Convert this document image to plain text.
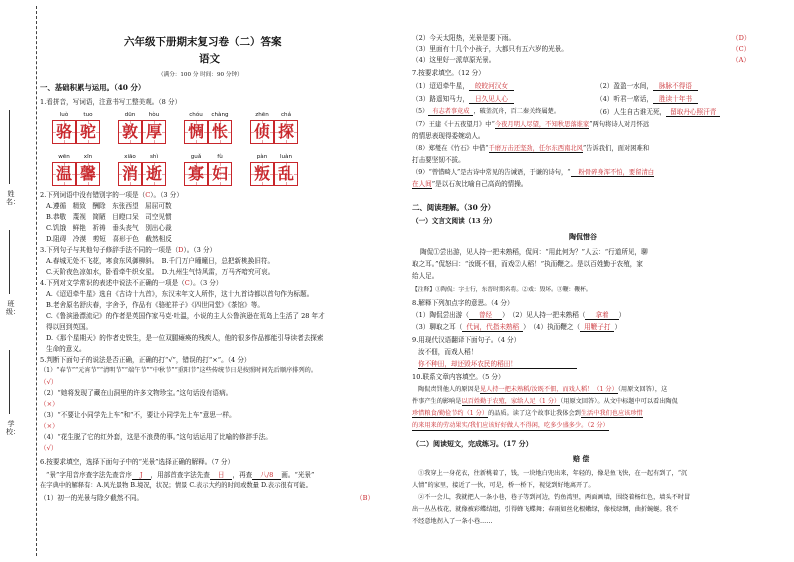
姓名：
班级：
学校：
六年级下册期末复习卷（二）答案
语文
（满分：100 分 时间：90 分钟）
一、基础积累与运用。（40 分）
1.看拼音，写词语，注意书写工整美观。（8 分）
luò
骆
tuo
驼
dūn
敦
hòu
厚
chóu
惆
chàng
怅
zhēn
侦
chá
探
wēn
温
xīn
馨
xiāo
消
shì
逝
guǎ
寡
fù
妇
pàn
叛
luàn
乱
2.下列词语中没有错别字的一项是（C）。（3 分）
A.遵循　精致　酬除　东张西望　屈屈可数
B.恭敬　蔑视　简陋　目瞪口呆　司空见惯
C.饥饿　鲜艳　祈祷　垂头丧气　别出心裁
D.阻碍　冷漠　剪短　喜形于色　截然相反
3.下列句子与其他句子修辞手法不同的一项是（D）。（3 分）
A.春城无处不飞花，寒食东风御柳斜。　B.千门万户曈曈日，总把新桃换旧符。
C.天阶夜色凉如水，卧看牵牛织女星。　D.九州生气恃风雷，万马齐喑究可哀。
4.下列对文学常识的表述中说法不正确的一项是（C）。（3 分）
A.《迢迢牵牛星》选自《古诗十九首》，东汉末年文人所作，这十九首诗都以首句作为标题。
B.老舍原名舒庆春，字舍予，作品有《骆驼祥子》《四世同堂》《茶馆》等。
C.《鲁滨逊漂流记》的作者是英国作家马克·吐温，小说的主人公鲁滨逊在荒岛上生活了 28 年才
得以回到英国。
D.《那个星期天》的作者史铁生，是一位双腿瘫痪的残疾人，他的很多作品都能引导读者去探索
生命的意义。
5.判断下面句子的说法是否正确，正确的打“√”，错误的打“×”。（4 分）
（1）“春节”“元宵节”“清明节”“端午节”“中秋节”“重阳节”这些传统节日是按照时间先后顺序排列的。
（√）
（2）“她将发现了藏在山洞里的许多文物珍宝。”这句话没有语病。
（×）
（3）“不要让小同学先上车”和“不，要让小同学先上车”意思一样。
（×）
（4）“花生脱了它的红外套，这是不浪费的事。”这句话运用了比喻的修辞手法。
（√）
6.按要求填空，选择下面句子中的“光景”选择正确的解释。（7 分）
“景”字用音序查字法先查音序 J ，用部首查字法先查 日 ，再查 八/8 画。“光景”
在字典中的解释有：A.风光景物 B.境况，状况；情景 C.表示大约的时间或数量 D.表示很有可能。
（1）初一的光景与除夕截然不同。	（B）
（2）今天太阳热，光景是要下雨。	（D）
（3）里面有十几个小孩子，大都只有五六岁的光景。	（C）
（4）这里好一派草原光景。	（A）
7.按要求填空。（12 分）
（1）迢迢牵牛星， 皎皎河汉女	（2）盈盈一水间， 脉脉不得语
（3）路遥知马力， 日久见人心	（4）听君一席话， 胜读十年书
（5） 有志者事竟成 ，破釜沉舟，百二秦关终属楚。	（6）人生自古谁无死， 留取丹心照汗青
（7）王建《十五夜望月》中“今夜月明人尽望，不知秋思落谁家”两句将诗人对月怀远
的情思表现得委婉动人。
（8）郑燮在《竹石》中借“千磨万击还坚劲，任尔东西南北风”告诉我们，面对困难和
打击要坚韧不拔。
（9）“曾惜畸人”是古诗中常见的告诫语，于谦的诗句，“ 粉骨碎身浑不怕，要留清白
在人间”是以石灰比喻自己高尚的情操。
二、阅读理解。（30 分）
（一）文言文阅读（13 分）
陶侃惜谷
陶侃①尝出游，见人持一把未熟稻，侃问：“用此何为？”人云：“行道所见，聊
取之耳。”侃怒曰：“汝既不佃，而戏②人稻！”执而鞭之。是以百姓勤于农殖，家
给人足。
【注释】①陶侃：字士行，东晋时期名将。②戏：毁坏。③鞭：鞭杯。
8.解释下列加点字的意思。（4 分）
（1）陶侃尝出游（ 曾经 ）　（2）见人持一把未熟稻（ 拿着 ）
（3）聊取之耳（ 代词，代指未熟稻 ）　（4）执而鞭之（ 用鞭子打 ）
9.用现代汉语翻译下面句子。（4 分）
汝不佃，而戏人稻！
你不种田，却还毁坏农民的稻田！
10.联系文章内容填空。（5 分）
陶侃责罚他人的原因是见人持一把未熟稻/汝既不佃，而戏人稻！（1 分）（用原文回答），这
件事产生的影响是以百姓勤于农殖，家给人足（1 分）（用原文回答）。从文中标题中可以看出陶侃
珍惜粮食/勤俭节约（1 分）的品质。读了这个故事让我体会到生活中我们也应该珍惜
的来用来的劳动果实/我们应该好好做人不得闲，吃多少盛多少。（2 分）
（二）阅读短文，完成练习。（17 分）
赔 偿
①我穿上一身花衣，往新桃着了，钱，一块地白兜出来，年轻的，像是鱼飞快，在一起有到了，“沉
人情”的家里，接近了一伙，可是，桥一桥下，视觉到好地离开了。
②不一会儿，我就把人一条小巷，巷子等到河边，钓鱼湾里，两面画墙，围绕着杨红色，墙头不时冒
出一丛丛枝花，就像被彩蝶结组，引得蜂飞蝶舞；春雨如丝化根嫩绿，像枝绿绸，曲折蜿蜒。我不
不经意地拐入了一条小巷……
